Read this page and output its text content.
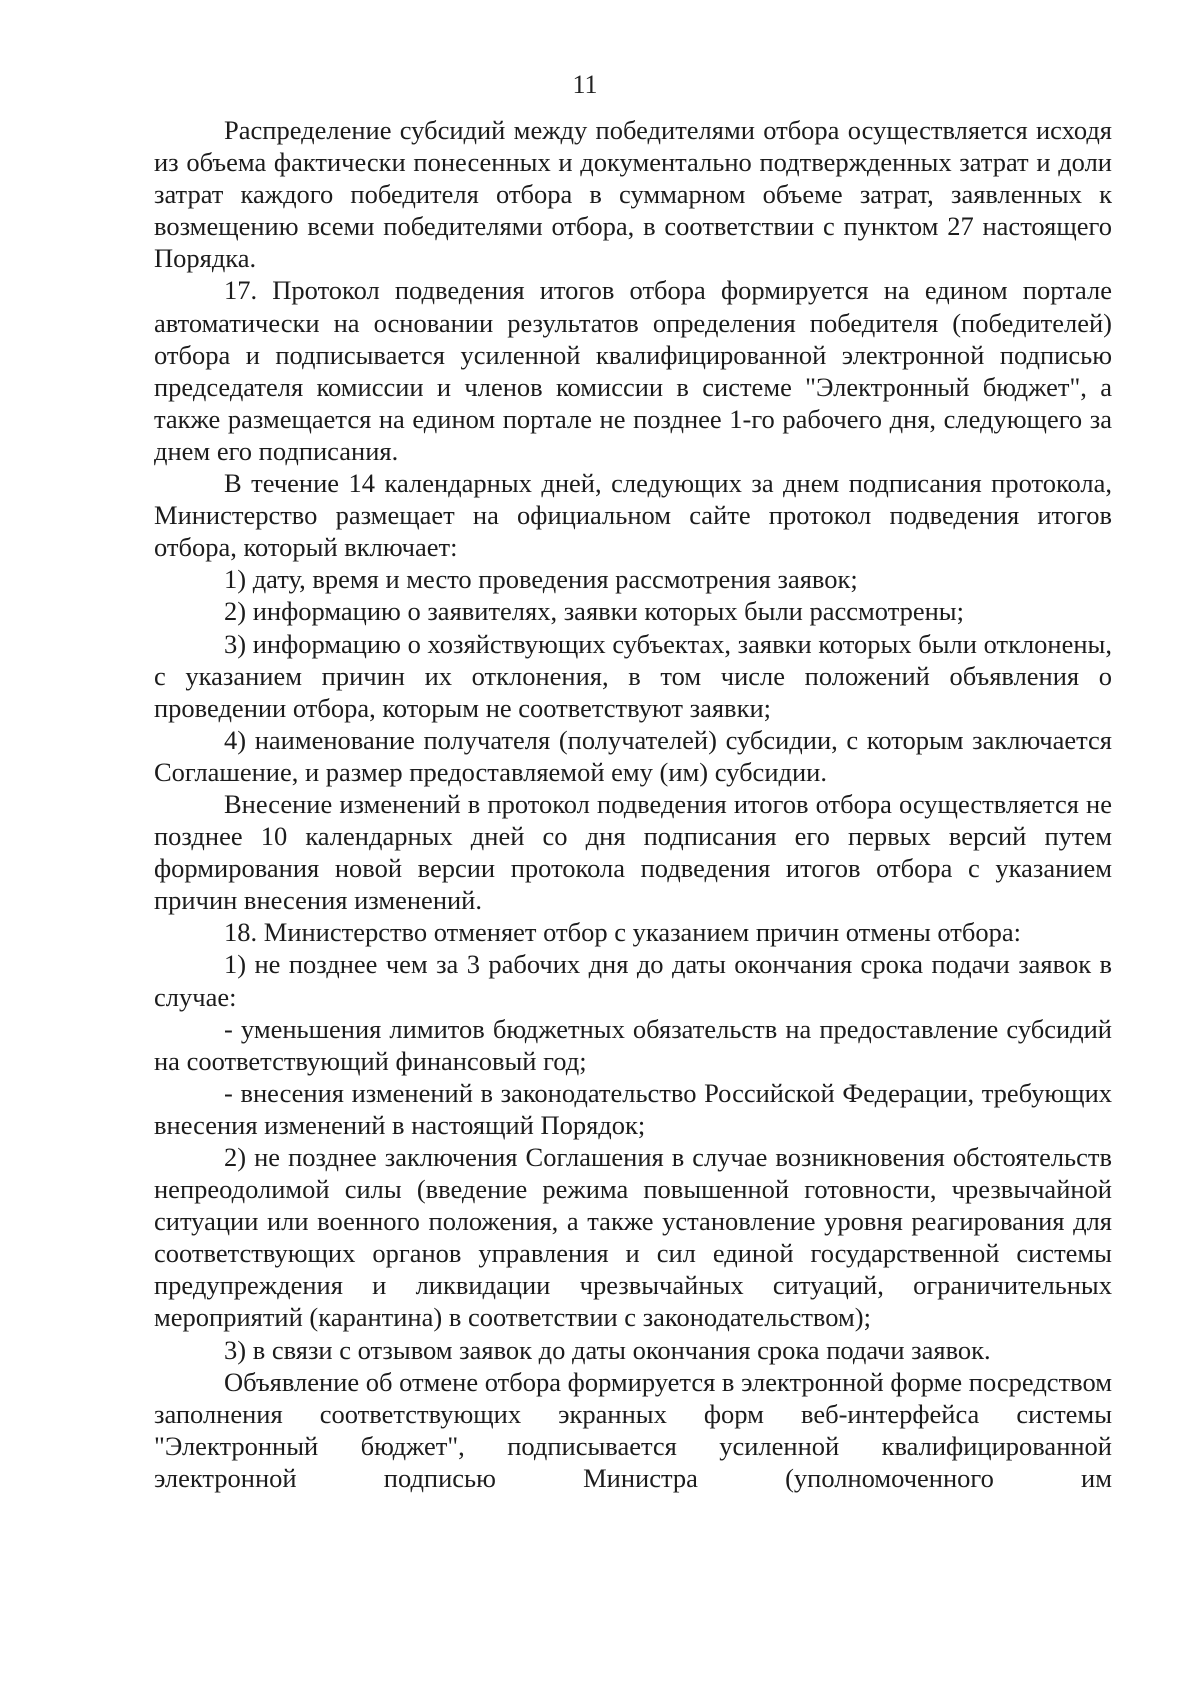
11

Распределение субсидий между победителями отбора осуществляется исходя из объема фактически понесенных и документально подтвержденных затрат и доли затрат каждого победителя отбора в суммарном объеме затрат, заявленных к возмещению всеми победителями отбора, в соответствии с пунктом 27 настоящего Порядка.

17. Протокол подведения итогов отбора формируется на едином портале автоматически на основании результатов определения победителя (победителей) отбора и подписывается усиленной квалифицированной электронной подписью председателя комиссии и членов комиссии в системе "Электронный бюджет", а также размещается на едином портале не позднее 1-го рабочего дня, следующего за днем его подписания.

В течение 14 календарных дней, следующих за днем подписания протокола, Министерство размещает на официальном сайте протокол подведения итогов отбора, который включает:

1) дату, время и место проведения рассмотрения заявок;

2) информацию о заявителях, заявки которых были рассмотрены;

3) информацию о хозяйствующих субъектах, заявки которых были отклонены, с указанием причин их отклонения, в том числе положений объявления о проведении отбора, которым не соответствуют заявки;

4) наименование получателя (получателей) субсидии, с которым заключается Соглашение, и размер предоставляемой ему (им) субсидии.

Внесение изменений в протокол подведения итогов отбора осуществляется не позднее 10 календарных дней со дня подписания его первых версий путем формирования новой версии протокола подведения итогов отбора с указанием причин внесения изменений.

18. Министерство отменяет отбор с указанием причин отмены отбора:

1) не позднее чем за 3 рабочих дня до даты окончания срока подачи заявок в случае:

- уменьшения лимитов бюджетных обязательств на предоставление субсидий на соответствующий финансовый год;

- внесения изменений в законодательство Российской Федерации, требующих внесения изменений в настоящий Порядок;

2) не позднее заключения Соглашения в случае возникновения обстоятельств непреодолимой силы (введение режима повышенной готовности, чрезвычайной ситуации или военного положения, а также установление уровня реагирования для соответствующих органов управления и сил единой государственной системы предупреждения и ликвидации чрезвычайных ситуаций, ограничительных мероприятий (карантина) в соответствии с законодательством);

3) в связи с отзывом заявок до даты окончания срока подачи заявок.

Объявление об отмене отбора формируется в электронной форме посредством заполнения соответствующих экранных форм веб-интерфейса системы "Электронный бюджет", подписывается усиленной квалифицированной электронной подписью Министра (уполномоченного им
